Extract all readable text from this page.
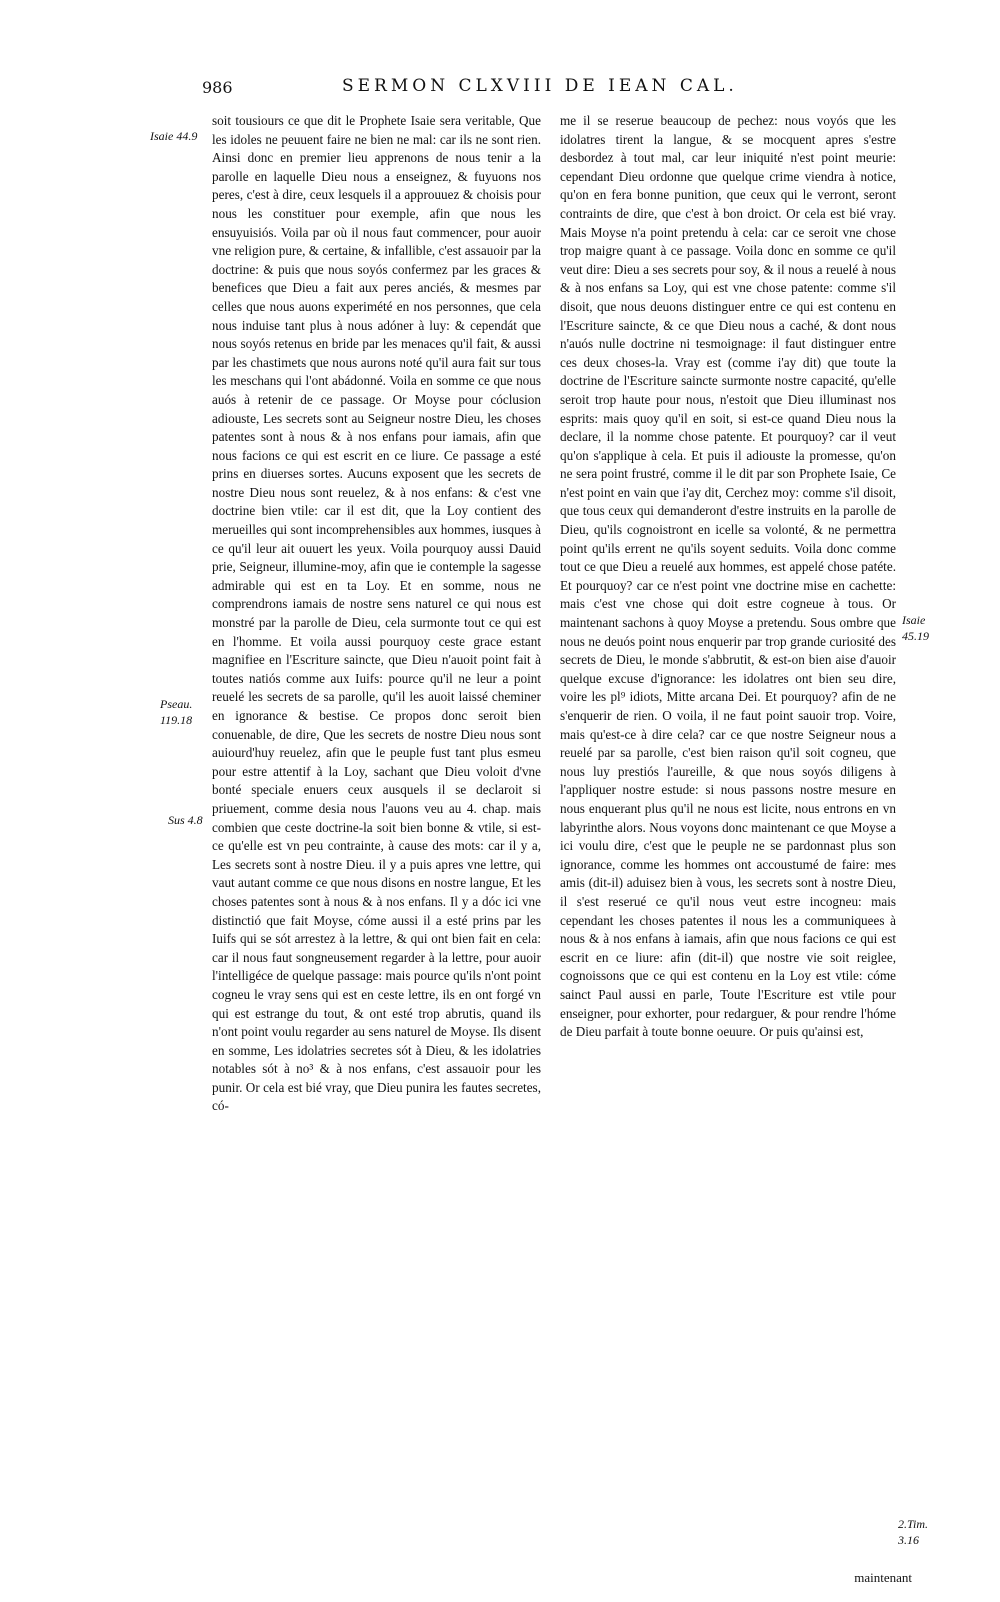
986	SERMON CLXVIII DE IEAN CAL.
Isaie 44.9
Pseau. 119.18
Sus 4.8

soit tousiours ce que dit le Prophete Isaie sera veritable, Que les idoles ne peuuent faire ne bien ne mal: car ils ne sont rien. Ainsi donc en premier lieu apprenons de nous tenir a la parolle en laquelle Dieu nous a enseignez, & fuyuons nos peres, c'est à dire, ceux lesquels il a approuuez & choisis pour nous les constituer pour exemple, afin que nous les ensuyuisiós. Voila par où il nous faut commencer, pour auoir vne religion pure, & certaine, & infallible, c'est assauoir par la doctrine: & puis que nous soyós confermez par les graces & benefices que Dieu a fait aux peres anciés, & mesmes par celles que nous auons experimété en nos personnes, que cela nous induise tant plus à nous adóner à luy: & cependát que nous soyós retenus en bride par les menaces qu'il fait, & aussi par les chastimets que nous aurons noté qu'il aura fait sur tous les meschans qui l'ont abádonné. Voila en somme ce que nous auós à retenir de ce passage. Or Moyse pour cóclusion adiouste, Les secrets sont au Seigneur nostre Dieu, les choses patentes sont à nous & à nos enfans pour iamais, afin que nous facions ce qui est escrit en ce liure. Ce passage a esté prins en diuerses sortes. Aucuns exposent que les secrets de nostre Dieu nous sont reuelez, & à nos enfans: & c'est vne doctrine bien vtile: car il est dit, que la Loy contient des merueilles qui sont incomprehensibles aux hommes, iusques à ce qu'il leur ait ouuert les yeux. Voila pourquoy aussi Dauid prie, Seigneur, illumine-moy, afin que ie contemple la sagesse admirable qui est en ta Loy. Et en somme, nous ne comprendrons iamais de nostre sens naturel ce qui nous est monstré par la parolle de Dieu, cela surmonte tout ce qui est en l'homme. Et voila aussi pourquoy ceste grace estant magnifiee en l'Escriture saincte, que Dieu n'auoit point fait à toutes natiós comme aux Iuifs: pource qu'il ne leur a point reuelé les secrets de sa parolle, qu'il les auoit laissé cheminer en ignorance & bestise. Ce propos donc seroit bien conuenable, de dire, Que les secrets de nostre Dieu nous sont auiourd'huy reuelez, afin que le peuple fust tant plus esmeu pour estre attentif à la Loy, sachant que Dieu voloit d'vne bonté speciale enuers ceux ausquels il se declaroit si priuement, comme desia nous l'auons veu au 4. chap. mais combien que ceste doctrine-la soit bien bonne & vtile, si est-ce qu'elle est vn peu contrainte, à cause des mots: car il y a, Les secrets sont à nostre Dieu. il y a puis apres vne lettre, qui vaut autant comme ce que nous disons en nostre langue, Et les choses patentes sont à nous & à nos enfans. Il y a dóc ici vne distinctió que fait Moyse, cóme aussi il a esté prins par les Iuifs qui se sót arrestez à la lettre, & qui ont bien fait en cela: car il nous faut songneusement regarder à la lettre, pour auoir l'intelligéce de quelque passage: mais pource qu'ils n'ont point cogneu le vray sens qui est en ceste lettre, ils en ont forgé vn qui est estrange du tout, & ont esté trop abrutis, quand ils n'ont point voulu regarder au sens naturel de Moyse. Ils disent en somme, Les idolatries secretes sót à Dieu, & les idolatries notables sót à no³ & à nos enfans, c'est assauoir pour les punir. Or cela est bié vray, que Dieu punira les fautes secretes, có-

me il se reserue beaucoup de pechez: nous voyós que les idolatres tirent la langue, & se mocquent apres s'estre desbordez à tout mal, car leur iniquité n'est point meurie: cependant Dieu ordonne que quelque crime viendra à notice, qu'on en fera bonne punition, que ceux qui le verront, seront contraints de dire, que c'est à bon droict. Or cela est bié vray. Mais Moyse n'a point pretendu à cela: car ce seroit vne chose trop maigre quant à ce passage. Voila donc en somme ce qu'il veut dire: Dieu a ses secrets pour soy, & il nous a reuelé à nous & à nos enfans sa Loy, qui est vne chose patente: comme s'il disoit, que nous deuons distinguer entre ce qui est contenu en l'Escriture saincte, & ce que Dieu nous a caché, & dont nous n'auós nulle doctrine ni tesmoignage: il faut distinguer entre ces deux choses-la. Vray est (comme i'ay dit) que toute la doctrine de l'Escriture saincte surmonte nostre capacité, qu'elle seroit trop haute pour nous, n'estoit que Dieu illuminast nos esprits: mais quoy qu'il en soit, si est-ce quand Dieu nous la declare, il la nomme chose patente. Et pourquoy? car il veut qu'on s'applique à cela. Et puis il adiouste la promesse, qu'on ne sera point frustré, comme il le dit par son Prophete Isaie, Ce n'est point en vain que i'ay dit, Cerchez moy: comme s'il disoit, que tous ceux qui demanderont d'estre instruits en la parolle de Dieu, qu'ils cognoistront en icelle sa volonté, & ne permettra point qu'ils errent ne qu'ils soyent seduits. Voila donc comme tout ce que Dieu a reuelé aux hommes, est appelé chose patéte. Et pourquoy? car ce n'est point vne doctrine mise en cachette: mais c'est vne chose qui doit estre cogneue à tous. Or maintenant sachons à quoy Moyse a pretendu. Sous ombre que nous ne deuós point nous enquerir par trop grande curiosité des secrets de Dieu, le monde s'abbrutit, & est-on bien aise d'auoir quelque excuse d'ignorance: les idolatres ont bien seu dire, voire les pl⁹ idiots, Mitte arcana Dei. Et pourquoy? afin de ne s'enquerir de rien. O voila, il ne faut point sauoir trop. Voire, mais qu'est-ce à dire cela? car ce que nostre Seigneur nous a reuelé par sa parolle, c'est bien raison qu'il soit cogneu, que nous luy prestiós l'aureille, & que nous soyós diligens à l'appliquer nostre estude: si nous passons nostre mesure en nous enquerant plus qu'il ne nous est licite, nous entrons en vn labyrinthe alors. Nous voyons donc maintenant ce que Moyse a ici voulu dire, c'est que le peuple ne se pardonnast plus son ignorance, comme les hommes ont accoustumé de faire: mes amis (dit-il) aduisez bien à vous, les secrets sont à nostre Dieu, il s'est reserué ce qu'il nous veut estre incogneu: mais cependant les choses patentes il nous les a communiquees à nous & à nos enfans à iamais, afin que nous facions ce qui est escrit en ce liure: afin (dit-il) que nostre vie soit reiglee, cognoissons que ce qui est contenu en la Loy est vtile: cóme sainct Paul aussi en parle, Toute l'Escriture est vtile pour enseigner, pour exhorter, pour redarguer, & pour rendre l'hóme de Dieu parfait à toute bonne oeuure. Or puis qu'ainsi est,

Isaie 45.19
2.Tim. 3.16
maintenant
